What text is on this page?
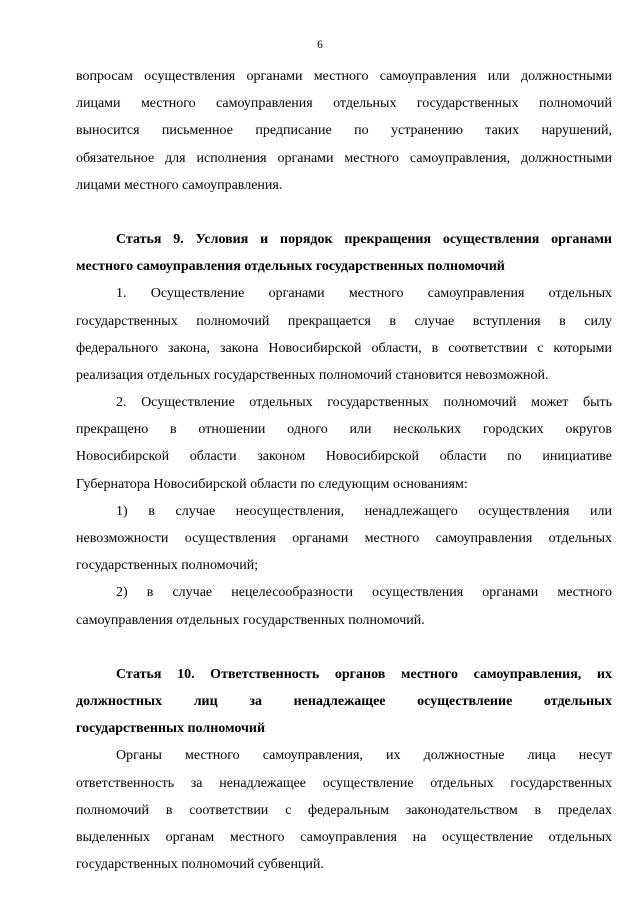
6
вопросам осуществления органами местного самоуправления или должностными
лицами местного самоуправления отдельных государственных полномочий
выносится письменное предписание по устранению таких нарушений,
обязательное для исполнения органами местного самоуправления, должностными
лицами местного самоуправления.
Статья 9. Условия и порядок прекращения осуществления органами
местного самоуправления отдельных государственных полномочий
1. Осуществление органами местного самоуправления отдельных
государственных полномочий прекращается в случае вступления в силу
федерального закона, закона Новосибирской области, в соответствии с которыми
реализация отдельных государственных полномочий становится невозможной.
2. Осуществление отдельных государственных полномочий может быть
прекращено в отношении одного или нескольких городских округов
Новосибирской области законом Новосибирской области по инициативе
Губернатора Новосибирской области по следующим основаниям:
1) в случае неосуществления, ненадлежащего осуществления или
невозможности осуществления органами местного самоуправления отдельных
государственных полномочий;
2) в случае нецелесообразности осуществления органами местного
самоуправления отдельных государственных полномочий.
Статья 10. Ответственность органов местного самоуправления, их
должностных лиц за ненадлежащее осуществление отдельных
государственных полномочий
Органы местного самоуправления, их должностные лица несут
ответственность за ненадлежащее осуществление отдельных государственных
полномочий в соответствии с федеральным законодательством в пределах
выделенных органам местного самоуправления на осуществление отдельных
государственных полномочий субвенций.
